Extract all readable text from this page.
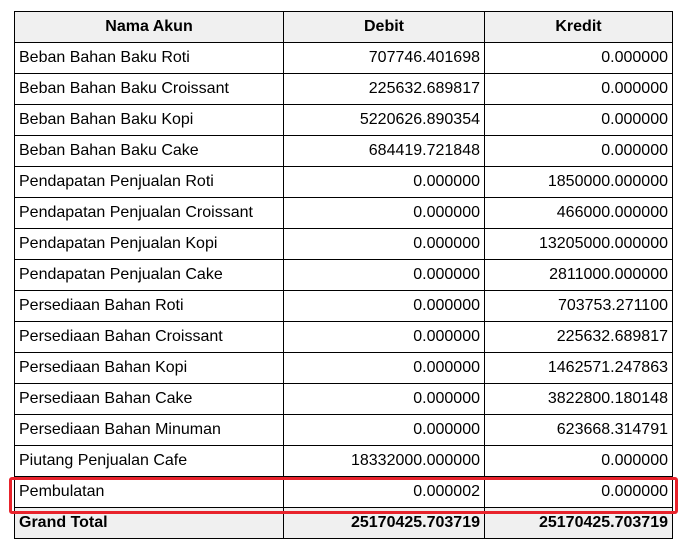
Nama Akun	Debit	Kredit
Beban Bahan Baku Roti	707746.401698	0.000000
Beban Bahan Baku Croissant	225632.689817	0.000000
Beban Bahan Baku Kopi	5220626.890354	0.000000
Beban Bahan Baku Cake	684419.721848	0.000000
Pendapatan Penjualan Roti	0.000000	1850000.000000
Pendapatan Penjualan Croissant	0.000000	466000.000000
Pendapatan Penjualan Kopi	0.000000	13205000.000000
Pendapatan Penjualan Cake	0.000000	2811000.000000
Persediaan Bahan Roti	0.000000	703753.271100
Persediaan Bahan Croissant	0.000000	225632.689817
Persediaan Bahan Kopi	0.000000	1462571.247863
Persediaan Bahan Cake	0.000000	3822800.180148
Persediaan Bahan Minuman	0.000000	623668.314791
Piutang Penjualan Cafe	18332000.000000	0.000000
Pembulatan	0.000002	0.000000
Grand Total	25170425.703719	25170425.703719
